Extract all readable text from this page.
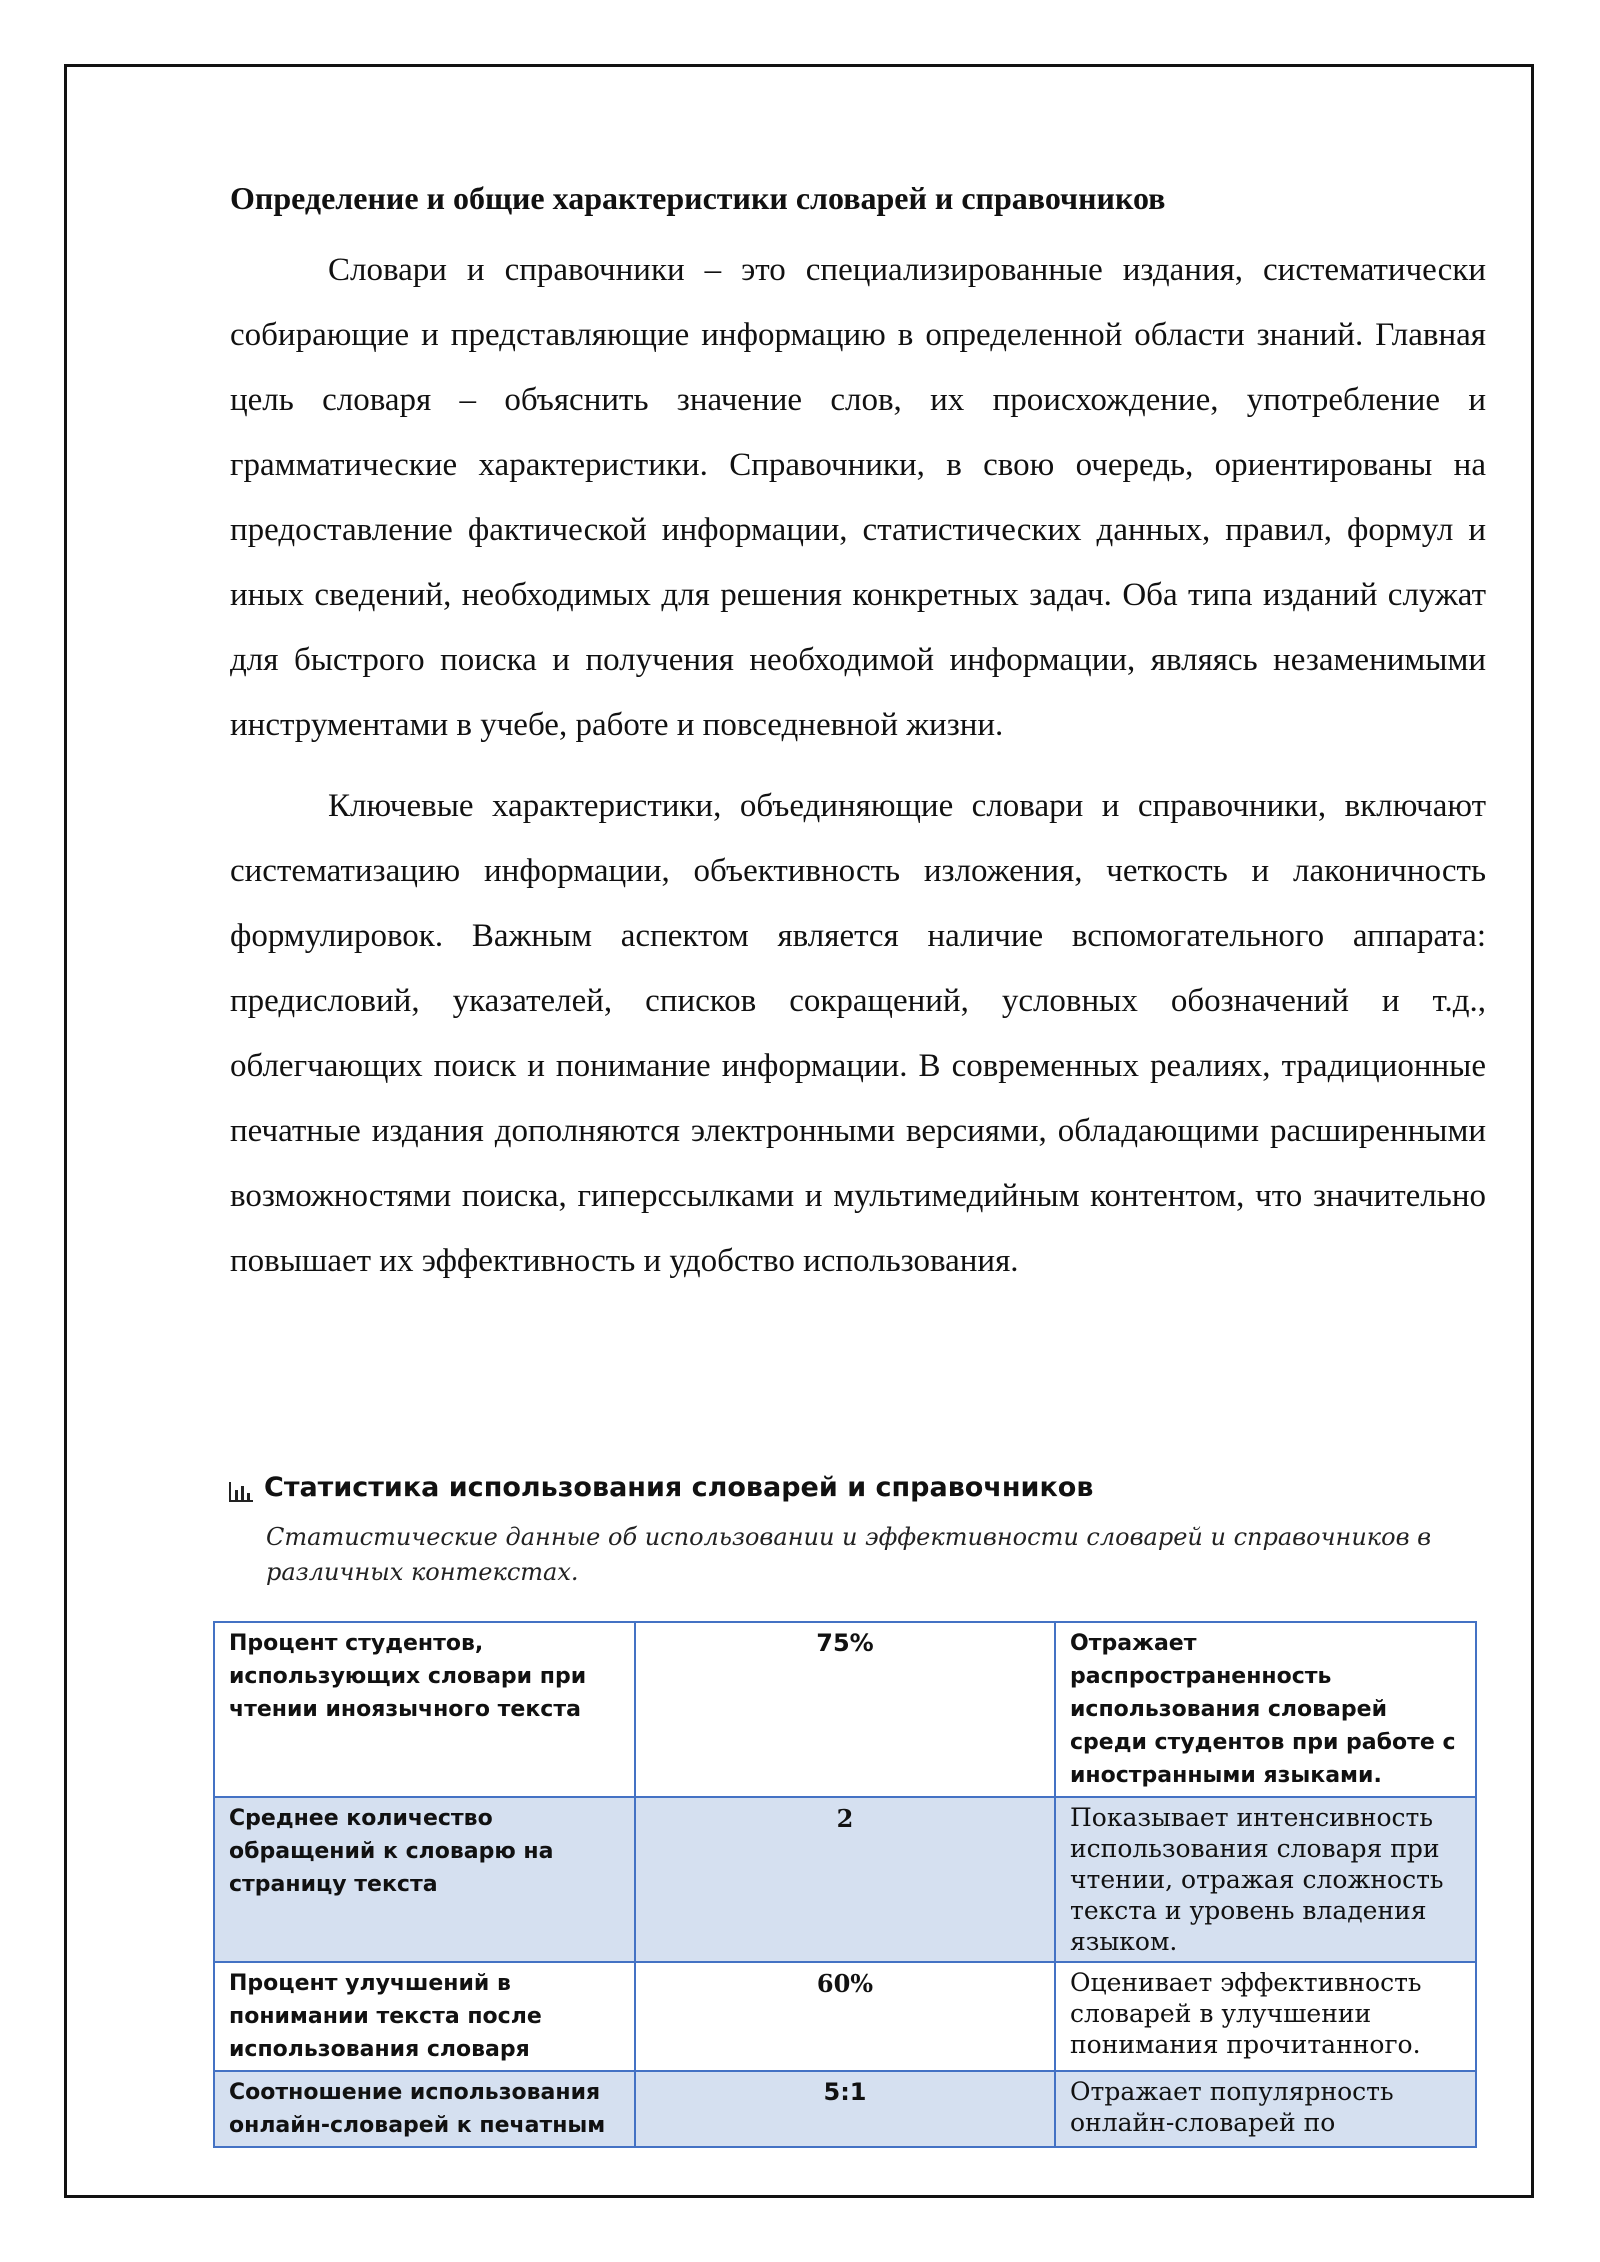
Определение и общие характеристики словарей и справочников

Словари и справочники – это специализированные издания, систематически собирающие и представляющие информацию в определенной области знаний. Главная цель словаря – объяснить значение слов, их происхождение, употребление и грамматические характеристики. Справочники, в свою очередь, ориентированы на предоставление фактической информации, статистических данных, правил, формул и иных сведений, необходимых для решения конкретных задач. Оба типа изданий служат для быстрого поиска и получения необходимой информации, являясь незаменимыми инструментами в учебе, работе и повседневной жизни.

Ключевые характеристики, объединяющие словари и справочники, включают систематизацию информации, объективность изложения, четкость и лаконичность формулировок. Важным аспектом является наличие вспомогательного аппарата: предисловий, указателей, списков сокращений, условных обозначений и т.д., облегчающих поиск и понимание информации. В современных реалиях, традиционные печатные издания дополняются электронными версиями, обладающими расширенными возможностями поиска, гиперссылками и мультимедийным контентом, что значительно повышает их эффективность и удобство использования.

Статистика использования словарей и справочников
Статистические данные об использовании и эффективности словарей и справочников в различных контекстах.
Процент студентов, использующих словари при чтении иноязычного текста	75%	Отражает распространенность использования словарей среди студентов при работе с иностранными языками.
Среднее количество обращений к словарю на страницу текста	2	Показывает интенсивность использования словаря при чтении, отражая сложность текста и уровень владения языком.
Процент улучшений в понимании текста после использования словаря	60%	Оценивает эффективность словарей в улучшении понимания прочитанного.
Соотношение использования онлайн-словарей к печатным	5:1	Отражает популярность онлайн-словарей по
